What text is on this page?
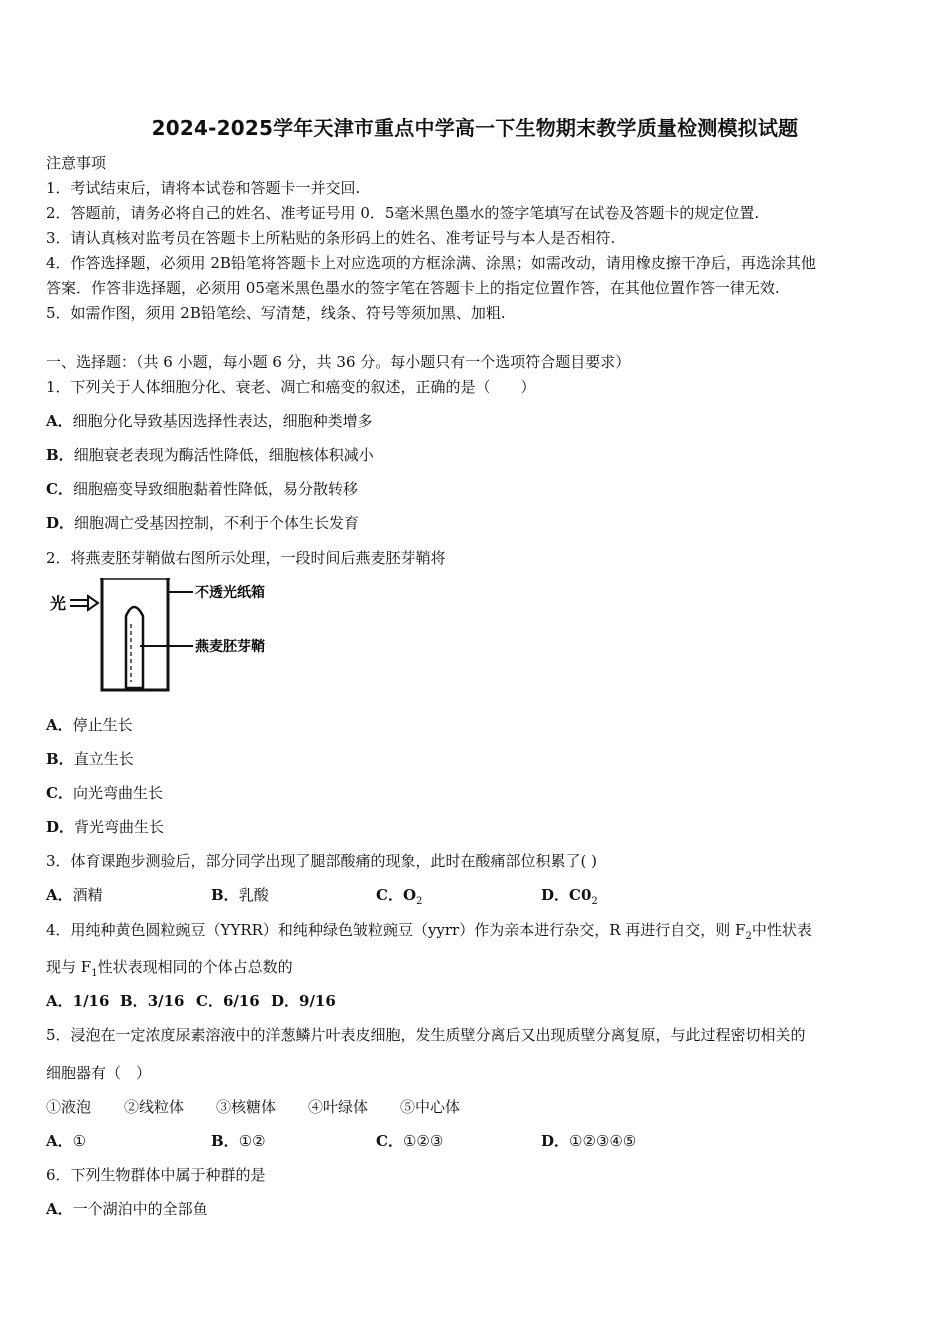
2024-2025学年天津市重点中学高一下生物期末教学质量检测模拟试题
注意事项
1．考试结束后，请将本试卷和答题卡一并交回.
2．答题前，请务必将自己的姓名、准考证号用 0．5毫米黑色墨水的签字笔填写在试卷及答题卡的规定位置.
3．请认真核对监考员在答题卡上所粘贴的条形码上的姓名、准考证号与本人是否相符.
4．作答选择题，必须用 2B铅笔将答题卡上对应选项的方框涂满、涂黑；如需改动，请用橡皮擦干净后，再选涂其他
答案．作答非选择题，必须用 05毫米黑色墨水的签字笔在答题卡上的指定位置作答，在其他位置作答一律无效.
5．如需作图，须用 2B铅笔绘、写清楚，线条、符号等须加黑、加粗.
一、选择题：（共 6 小题，每小题 6 分，共 36 分。每小题只有一个选项符合题目要求）
1．下列关于人体细胞分化、衰老、凋亡和癌变的叙述，正确的是（　　）
A．细胞分化导致基因选择性表达，细胞种类增多
B．细胞衰老表现为酶活性降低，细胞核体积减小
C．细胞癌变导致细胞黏着性降低，易分散转移
D．细胞凋亡受基因控制，不利于个体生长发育
2．将燕麦胚芽鞘做右图所示处理，一段时间后燕麦胚芽鞘将
光
不透光纸箱
燕麦胚芽鞘
A．停止生长
B．直立生长
C．向光弯曲生长
D．背光弯曲生长
3．体育课跑步测验后，部分同学出现了腿部酸痛的现象，此时在酸痛部位积累了( )
A．酒精	B．乳酸	C．$O_2$	D．$C0_2$
4．用纯种黄色圆粒豌豆（YYRR）和纯种绿色皱粒豌豆（yyrr）作为亲本进行杂交，R 再进行自交，则 $F_2$中性状表
现与 $F_1$性状表现相同的个体占总数的
A．1/16 B．3/16 C．6/16 D．9/16
5．浸泡在一定浓度尿素溶液中的洋葱鳞片叶表皮细胞，发生质壁分离后又出现质壁分离复原，与此过程密切相关的
细胞器有（　）
①液泡 ②线粒体 ③核糖体 ④叶绿体 ⑤中心体
A．①	B．①②	C．①②③	D．①②③④⑤
6．下列生物群体中属于种群的是
A．一个湖泊中的全部鱼
